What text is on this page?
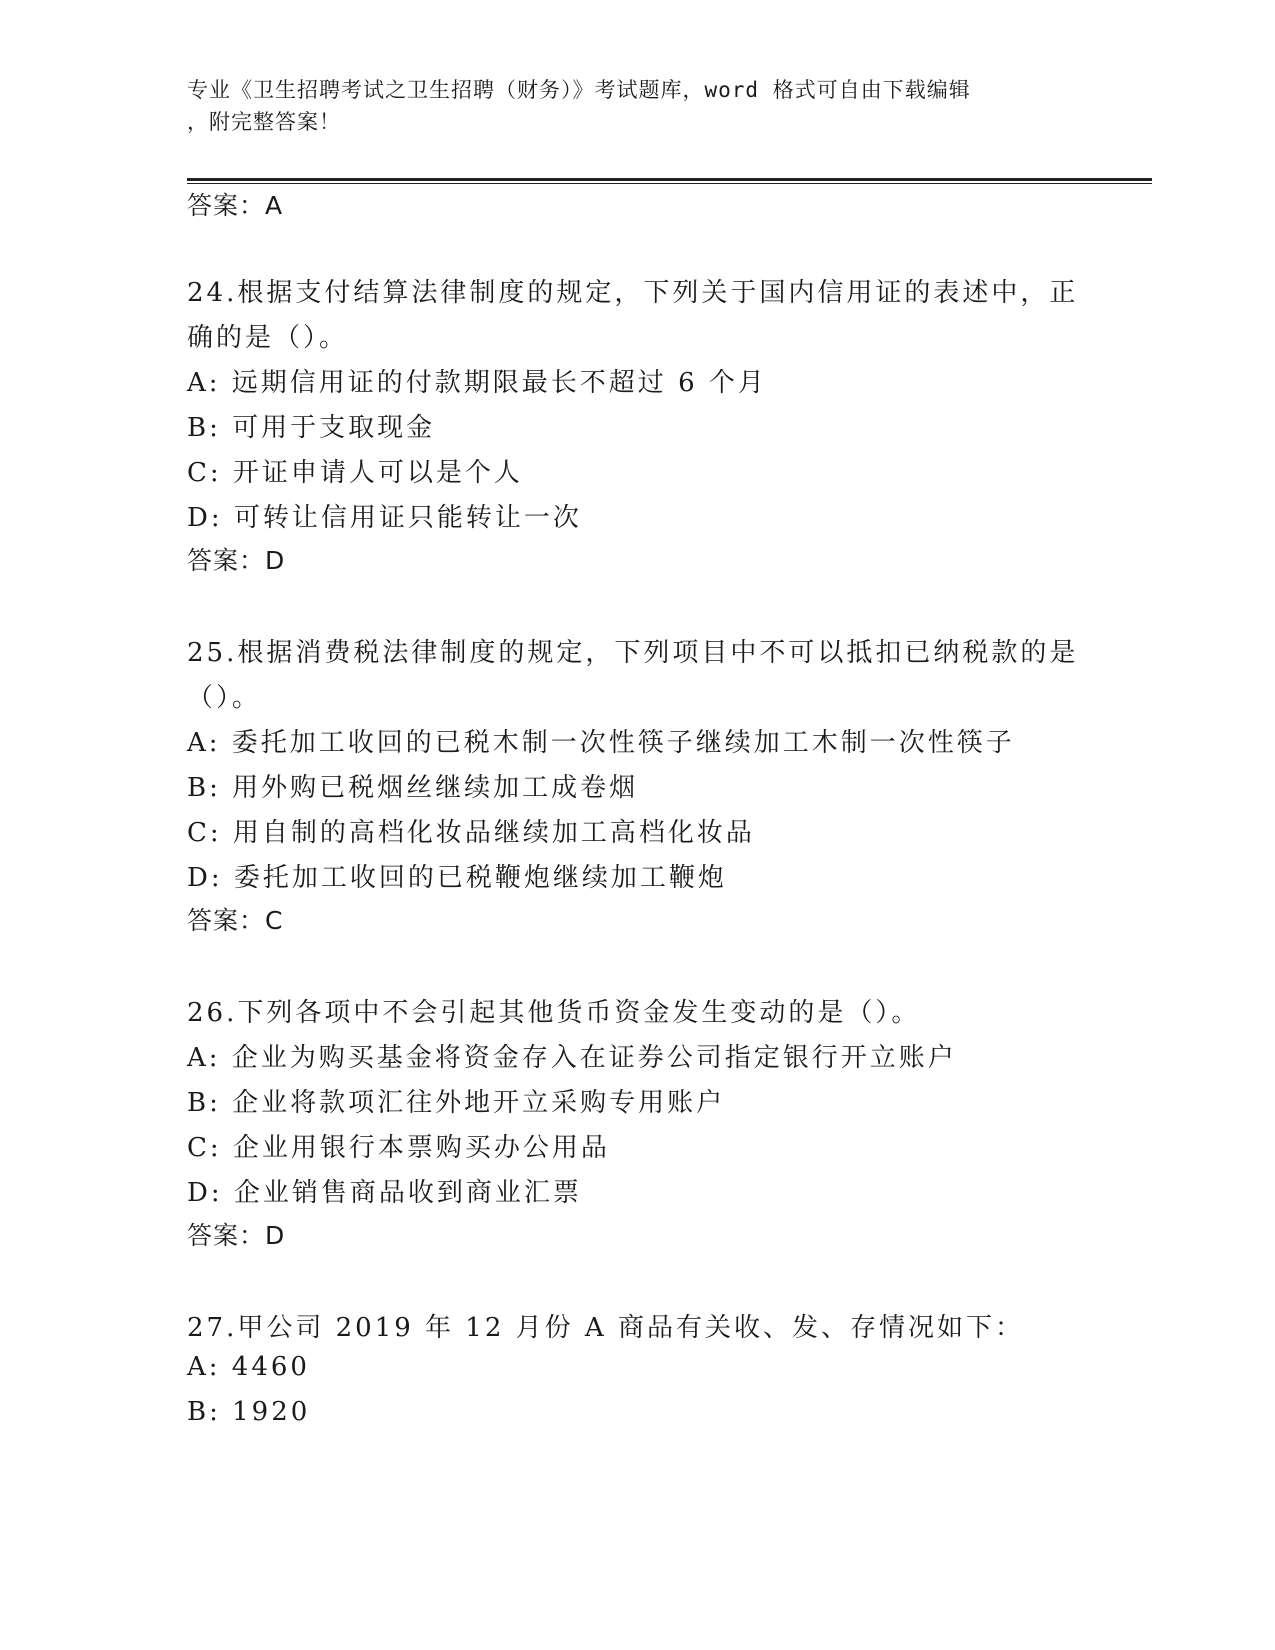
专业《卫生招聘考试之卫生招聘（财务）》考试题库，word 格式可自由下载编辑
，附完整答案！
答案：A
24.根据支付结算法律制度的规定，下列关于国内信用证的表述中，正
确的是（）。
A: 远期信用证的付款期限最长不超过 6 个月
B: 可用于支取现金
C: 开证申请人可以是个人
D: 可转让信用证只能转让一次
答案：D
25.根据消费税法律制度的规定，下列项目中不可以抵扣已纳税款的是
（）。
A: 委托加工收回的已税木制一次性筷子继续加工木制一次性筷子
B: 用外购已税烟丝继续加工成卷烟
C: 用自制的高档化妆品继续加工高档化妆品
D: 委托加工收回的已税鞭炮继续加工鞭炮
答案：C
26.下列各项中不会引起其他货币资金发生变动的是（）。
A: 企业为购买基金将资金存入在证券公司指定银行开立账户
B: 企业将款项汇往外地开立采购专用账户
C: 企业用银行本票购买办公用品
D: 企业销售商品收到商业汇票
答案：D
27.甲公司 2019 年 12 月份 A 商品有关收、发、存情况如下：
A: 4460
B: 1920
